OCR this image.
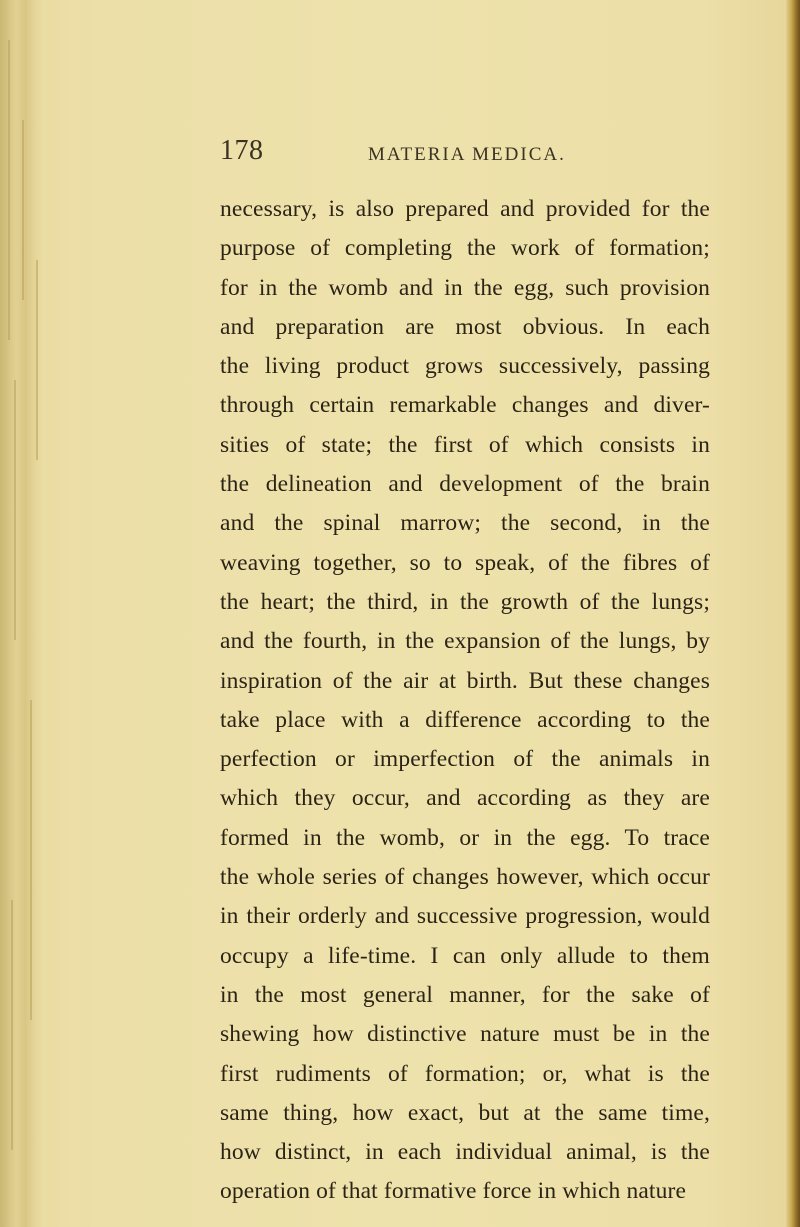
178	MATERIA MEDICA.
necessary, is also prepared and provided for the
purpose of completing the work of formation;
for in the womb and in the egg, such provision
and preparation are most obvious. In each
the living product grows successively, passing
through certain remarkable changes and diver-
sities of state; the first of which consists in
the delineation and development of the brain
and the spinal marrow; the second, in the
weaving together, so to speak, of the fibres of
the heart; the third, in the growth of the lungs;
and the fourth, in the expansion of the lungs, by
inspiration of the air at birth. But these changes
take place with a difference according to the
perfection or imperfection of the animals in
which they occur, and according as they are
formed in the womb, or in the egg. To trace
the whole series of changes however, which occur
in their orderly and successive progression, would
occupy a life-time. I can only allude to them
in the most general manner, for the sake of
shewing how distinctive nature must be in the
first rudiments of formation; or, what is the
same thing, how exact, but at the same time,
how distinct, in each individual animal, is the
operation of that formative force in which nature
